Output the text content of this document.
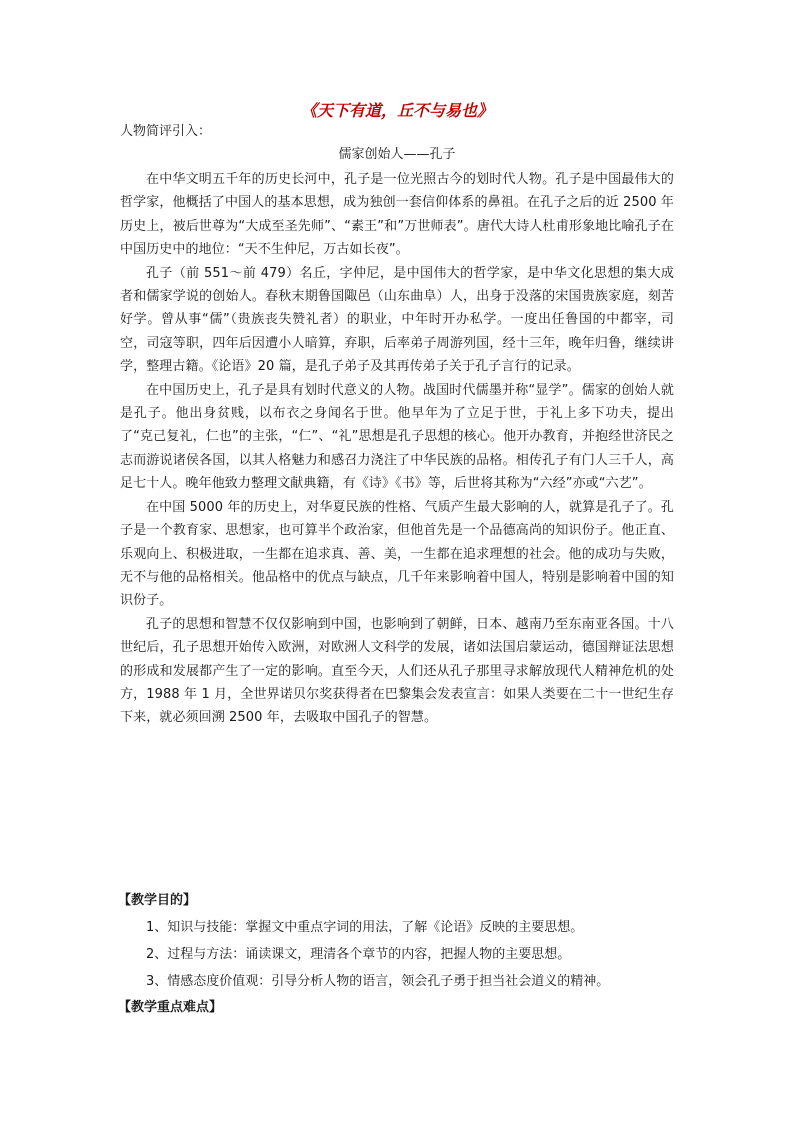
《天下有道，丘不与易也》

人物简评引入：

儒家创始人——孔子

在中华文明五千年的历史长河中，孔子是一位光照古今的划时代人物。孔子是中国最伟大的哲学家，他概括了中国人的基本思想，成为独创一套信仰体系的鼻祖。在孔子之后的近 2500 年历史上，被后世尊为“大成至圣先师”、“素王”和”万世师表”。唐代大诗人杜甫形象地比喻孔子在中国历史中的地位：“天不生仲尼，万古如长夜”。

孔子（前 551～前 479）名丘，字仲尼，是中国伟大的哲学家，是中华文化思想的集大成者和儒家学说的创始人。春秋末期鲁国陬邑（山东曲阜）人，出身于没落的宋国贵族家庭，刻苦好学。曾从事“儒”（贵族丧失赞礼者）的职业，中年时开办私学。一度出任鲁国的中都宰，司空，司寇等职，四年后因遭小人暗算，弃职，后率弟子周游列国，经十三年，晚年归鲁，继续讲学，整理古籍。《论语》20 篇，是孔子弟子及其再传弟子关于孔子言行的记录。

在中国历史上，孔子是具有划时代意义的人物。战国时代儒墨并称“显学”。儒家的创始人就是孔子。他出身贫贱，以布衣之身闻名于世。他早年为了立足于世，于礼上多下功夫，提出了“克己复礼，仁也”的主张，“仁”、“礼”思想是孔子思想的核心。他开办教育，并抱经世济民之志而游说诸侯各国，以其人格魅力和感召力浇注了中华民族的品格。相传孔子有门人三千人，高足七十人。晚年他致力整理文献典籍，有《诗》《书》等，后世将其称为“六经”亦或“六艺”。

在中国 5000 年的历史上，对华夏民族的性格、气质产生最大影响的人，就算是孔子了。孔子是一个教育家、思想家，也可算半个政治家，但他首先是一个品德高尚的知识份子。他正直、乐观向上、积极进取，一生都在追求真、善、美，一生都在追求理想的社会。他的成功与失败，无不与他的品格相关。他品格中的优点与缺点，几千年来影响着中国人，特别是影响着中国的知识份子。

孔子的思想和智慧不仅仅影响到中国，也影响到了朝鲜，日本、越南乃至东南亚各国。十八世纪后，孔子思想开始传入欧洲，对欧洲人文科学的发展，诸如法国启蒙运动，德国辩证法思想的形成和发展都产生了一定的影响。直至今天，人们还从孔子那里寻求解放现代人精神危机的处方，1988 年 1 月，全世界诺贝尔奖获得者在巴黎集会发表宣言：如果人类要在二十一世纪生存下来，就必须回溯 2500 年，去吸取中国孔子的智慧。

【教学目的】

1、知识与技能：掌握文中重点字词的用法，了解《论语》反映的主要思想。

2、过程与方法：诵读课文，理清各个章节的内容，把握人物的主要思想。

3、情感态度价值观：引导分析人物的语言，领会孔子勇于担当社会道义的精神。

【教学重点难点】
